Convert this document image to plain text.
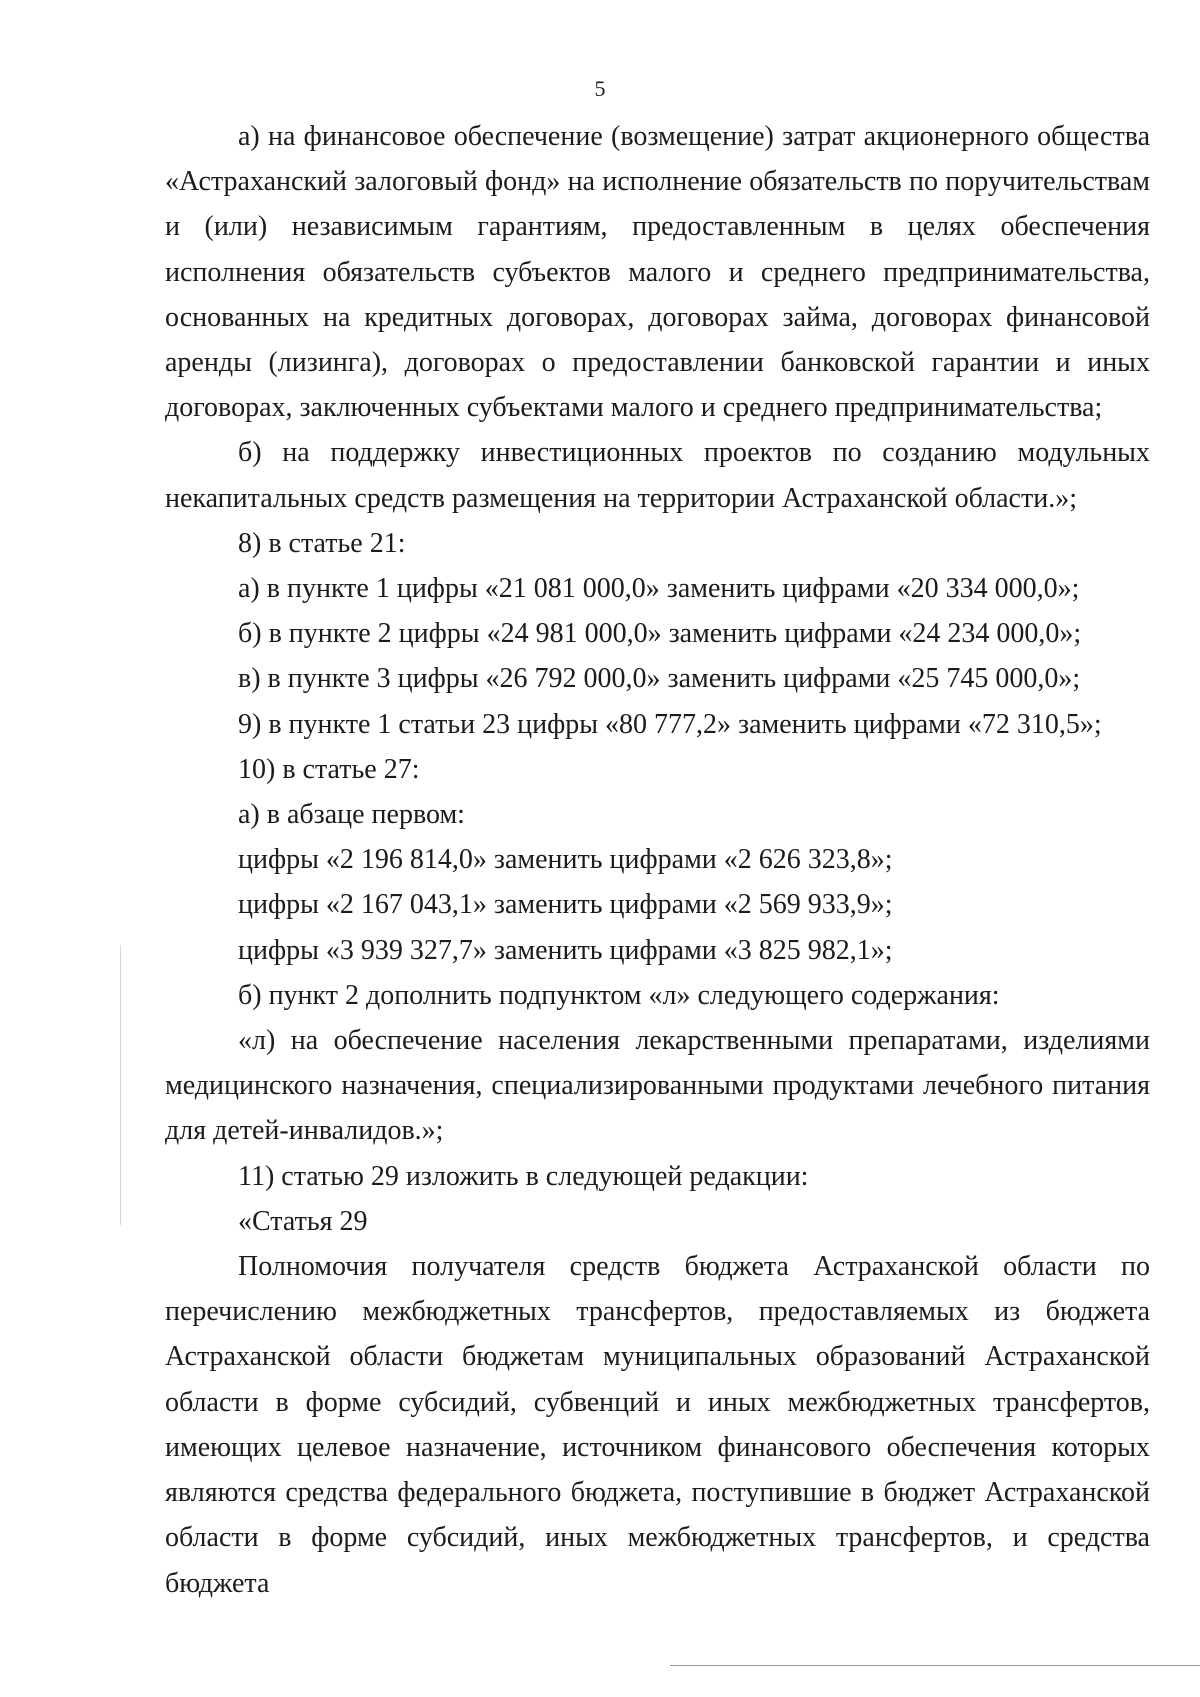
5

а) на финансовое обеспечение (возмещение) затрат акционерного общества «Астраханский залоговый фонд» на исполнение обязательств по поручительствам и (или) независимым гарантиям, предоставленным в целях обеспечения исполнения обязательств субъектов малого и среднего предпринимательства, основанных на кредитных договорах, договорах займа, договорах финансовой аренды (лизинга), договорах о предоставлении банковской гарантии и иных договорах, заключенных субъектами малого и среднего предпринимательства;

б) на поддержку инвестиционных проектов по созданию модульных некапитальных средств размещения на территории Астраханской области.»;

8) в статье 21:

а) в пункте 1 цифры «21 081 000,0» заменить цифрами «20 334 000,0»;

б) в пункте 2 цифры «24 981 000,0» заменить цифрами «24 234 000,0»;

в) в пункте 3 цифры «26 792 000,0» заменить цифрами «25 745 000,0»;

9) в пункте 1 статьи 23 цифры «80 777,2» заменить цифрами «72 310,5»;

10) в статье 27:

а) в абзаце первом:

цифры «2 196 814,0» заменить цифрами «2 626 323,8»;

цифры «2 167 043,1» заменить цифрами «2 569 933,9»;

цифры «3 939 327,7» заменить цифрами «3 825 982,1»;

б) пункт 2 дополнить подпунктом «л» следующего содержания:

«л) на обеспечение населения лекарственными препаратами, изделиями медицинского назначения, специализированными продуктами лечебного питания для детей-инвалидов.»;

11) статью 29 изложить в следующей редакции:

«Статья 29

Полномочия получателя средств бюджета Астраханской области по перечислению межбюджетных трансфертов, предоставляемых из бюджета Астраханской области бюджетам муниципальных образований Астраханской области в форме субсидий, субвенций и иных межбюджетных трансфертов, имеющих целевое назначение, источником финансового обеспечения которых являются средства федерального бюджета, поступившие в бюджет Астраханской области в форме субсидий, иных межбюджетных трансфертов, и средства бюджета
